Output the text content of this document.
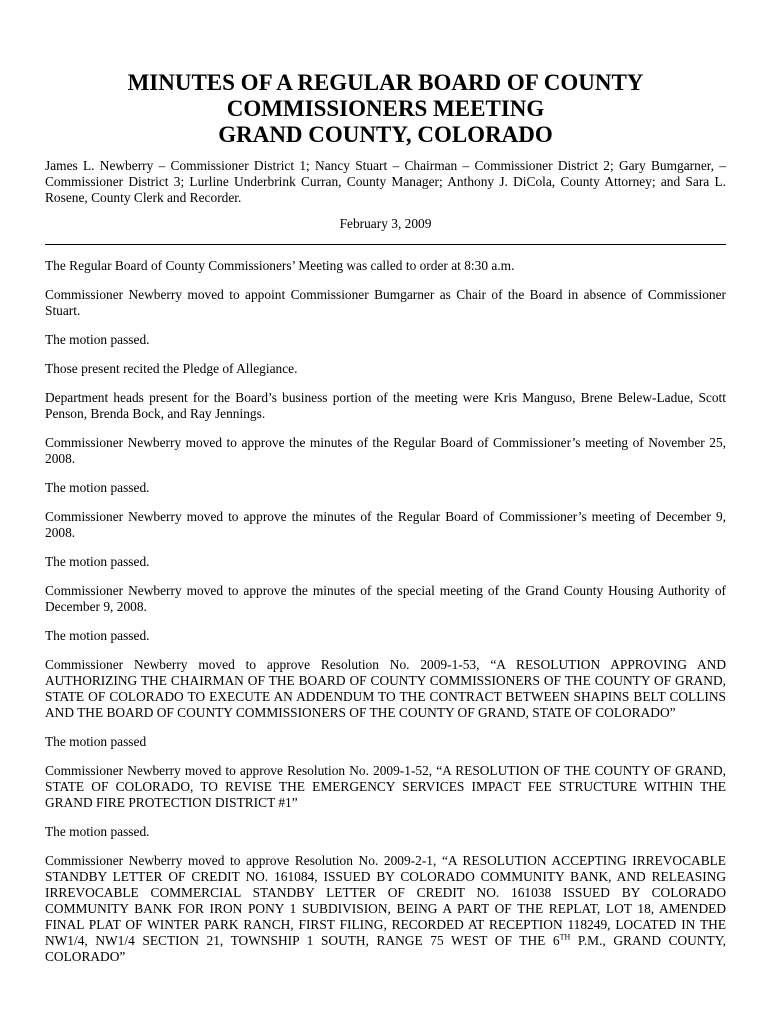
MINUTES OF A REGULAR BOARD OF COUNTY
COMMISSIONERS MEETING
GRAND COUNTY, COLORADO

James L. Newberry – Commissioner District 1; Nancy Stuart – Chairman – Commissioner District 2; Gary Bumgarner, – Commissioner District 3; Lurline Underbrink Curran, County Manager; Anthony J. DiCola, County Attorney; and Sara L. Rosene, County Clerk and Recorder.

February 3, 2009

The Regular Board of County Commissioners’ Meeting was called to order at 8:30 a.m.

Commissioner Newberry moved to appoint Commissioner Bumgarner as Chair of the Board in absence of Commissioner Stuart.

The motion passed.

Those present recited the Pledge of Allegiance.

Department heads present for the Board’s business portion of the meeting were Kris Manguso, Brene Belew-Ladue, Scott Penson, Brenda Bock, and Ray Jennings.

Commissioner Newberry moved to approve the minutes of the Regular Board of Commissioner’s meeting of November 25, 2008.

The motion passed.

Commissioner Newberry moved to approve the minutes of the Regular Board of Commissioner’s meeting of December 9, 2008.

The motion passed.

Commissioner Newberry moved to approve the minutes of the special meeting of the Grand County Housing Authority of December 9, 2008.

The motion passed.

Commissioner Newberry moved to approve Resolution No. 2009-1-53, “A RESOLUTION APPROVING AND AUTHORIZING THE CHAIRMAN OF THE BOARD OF COUNTY COMMISSIONERS OF THE COUNTY OF GRAND, STATE OF COLORADO TO EXECUTE AN ADDENDUM TO THE CONTRACT BETWEEN SHAPINS BELT COLLINS AND THE BOARD OF COUNTY COMMISSIONERS OF THE COUNTY OF GRAND, STATE OF COLORADO”

The motion passed

Commissioner Newberry moved to approve Resolution No. 2009-1-52, “A RESOLUTION OF THE COUNTY OF GRAND, STATE OF COLORADO, TO REVISE THE EMERGENCY SERVICES IMPACT FEE STRUCTURE WITHIN THE GRAND FIRE PROTECTION DISTRICT #1”

The motion passed.

Commissioner Newberry moved to approve Resolution No. 2009-2-1, “A RESOLUTION ACCEPTING IRREVOCABLE STANDBY LETTER OF CREDIT NO. 161084, ISSUED BY COLORADO COMMUNITY BANK, AND RELEASING IRREVOCABLE COMMERCIAL STANDBY LETTER OF CREDIT NO. 161038 ISSUED BY COLORADO COMMUNITY BANK FOR IRON PONY 1 SUBDIVISION, BEING A PART OF THE REPLAT, LOT 18, AMENDED FINAL PLAT OF WINTER PARK RANCH, FIRST FILING, RECORDED AT RECEPTION 118249, LOCATED IN THE NW1/4, NW1/4 SECTION 21, TOWNSHIP 1 SOUTH, RANGE 75 WEST OF THE 6TH P.M., GRAND COUNTY, COLORADO”
